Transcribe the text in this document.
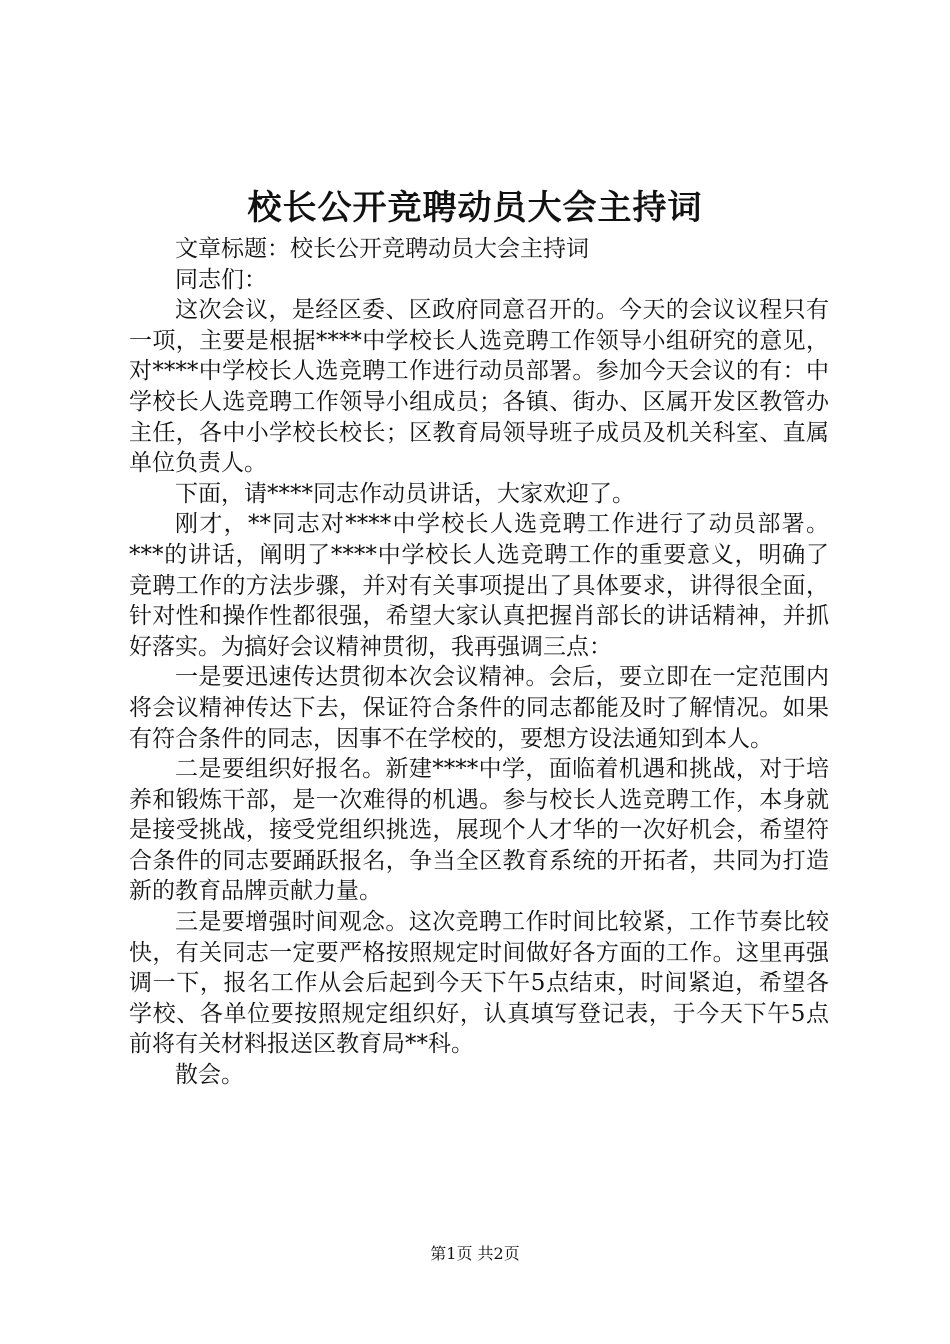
校长公开竞聘动员大会主持词

文章标题：校长公开竞聘动员大会主持词

同志们：

这次会议，是经区委、区政府同意召开的。今天的会议议程只有一项，主要是根据****中学校长人选竞聘工作领导小组研究的意见，对****中学校长人选竞聘工作进行动员部署。参加今天会议的有：中学校长人选竞聘工作领导小组成员；各镇、街办、区属开发区教管办主任，各中小学校长校长；区教育局领导班子成员及机关科室、直属单位负责人。

下面，请****同志作动员讲话，大家欢迎了。

刚才，**同志对****中学校长人选竞聘工作进行了动员部署。***的讲话，阐明了****中学校长人选竞聘工作的重要意义，明确了竞聘工作的方法步骤，并对有关事项提出了具体要求，讲得很全面，针对性和操作性都很强，希望大家认真把握肖部长的讲话精神，并抓好落实。为搞好会议精神贯彻，我再强调三点：

一是要迅速传达贯彻本次会议精神。会后，要立即在一定范围内将会议精神传达下去，保证符合条件的同志都能及时了解情况。如果有符合条件的同志，因事不在学校的，要想方设法通知到本人。

二是要组织好报名。新建****中学，面临着机遇和挑战，对于培养和锻炼干部，是一次难得的机遇。参与校长人选竞聘工作，本身就是接受挑战，接受党组织挑选，展现个人才华的一次好机会，希望符合条件的同志要踊跃报名，争当全区教育系统的开拓者，共同为打造新的教育品牌贡献力量。

三是要增强时间观念。这次竞聘工作时间比较紧，工作节奏比较快，有关同志一定要严格按照规定时间做好各方面的工作。这里再强调一下，报名工作从会后起到今天下午5点结束，时间紧迫，希望各学校、各单位要按照规定组织好，认真填写登记表，于今天下午5点前将有关材料报送区教育局**科。

散会。

第1页 共2页
